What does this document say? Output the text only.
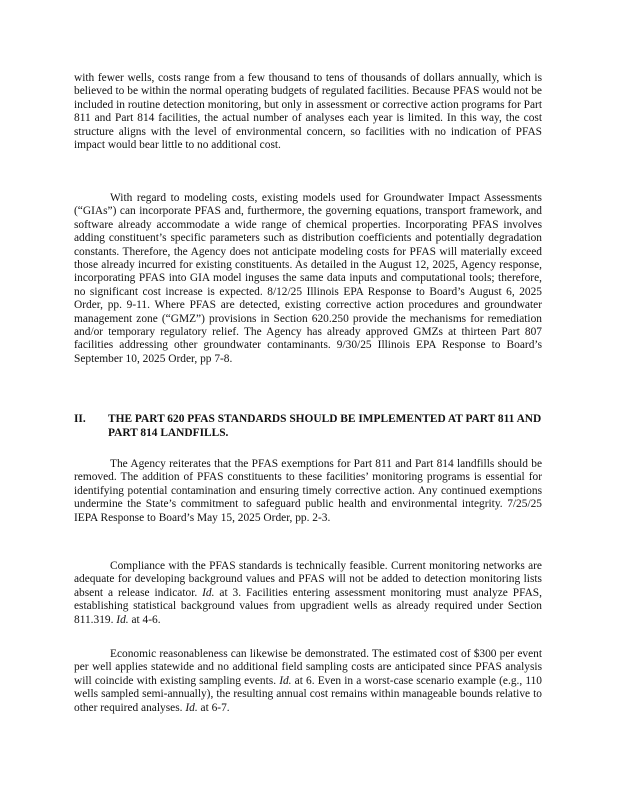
with fewer wells, costs range from a few thousand to tens of thousands of dollars annually, which is believed to be within the normal operating budgets of regulated facilities. Because PFAS would not be included in routine detection monitoring, but only in assessment or corrective action programs for Part 811 and Part 814 facilities, the actual number of analyses each year is limited. In this way, the cost structure aligns with the level of environmental concern, so facilities with no indication of PFAS impact would bear little to no additional cost.

With regard to modeling costs, existing models used for Groundwater Impact Assessments (“GIAs”) can incorporate PFAS and, furthermore, the governing equations, transport framework, and software already accommodate a wide range of chemical properties. Incorporating PFAS involves adding constituent’s specific parameters such as distribution coefficients and potentially degradation constants. Therefore, the Agency does not anticipate modeling costs for PFAS will materially exceed those already incurred for existing constituents. As detailed in the August 12, 2025, Agency response, incorporating PFAS into GIA model inguses the same data inputs and computational tools; therefore, no significant cost increase is expected. 8/12/25 Illinois EPA Response to Board’s August 6, 2025 Order, pp. 9-11. Where PFAS are detected, existing corrective action procedures and groundwater management zone (“GMZ”) provisions in Section 620.250 provide the mechanisms for remediation and/or temporary regulatory relief. The Agency has already approved GMZs at thirteen Part 807 facilities addressing other groundwater contaminants. 9/30/25 Illinois EPA Response to Board’s September 10, 2025 Order, pp 7-8.

II. THE PART 620 PFAS STANDARDS SHOULD BE IMPLEMENTED AT PART 811 AND PART 814 LANDFILLS.

The Agency reiterates that the PFAS exemptions for Part 811 and Part 814 landfills should be removed. The addition of PFAS constituents to these facilities’ monitoring programs is essential for identifying potential contamination and ensuring timely corrective action. Any continued exemptions undermine the State’s commitment to safeguard public health and environmental integrity. 7/25/25 IEPA Response to Board’s May 15, 2025 Order, pp. 2-3.

Compliance with the PFAS standards is technically feasible. Current monitoring networks are adequate for developing background values and PFAS will not be added to detection monitoring lists absent a release indicator. Id. at 3. Facilities entering assessment monitoring must analyze PFAS, establishing statistical background values from upgradient wells as already required under Section 811.319. Id. at 4-6.

Economic reasonableness can likewise be demonstrated. The estimated cost of $300 per event per well applies statewide and no additional field sampling costs are anticipated since PFAS analysis will coincide with existing sampling events. Id. at 6. Even in a worst-case scenario example (e.g., 110 wells sampled semi-annually), the resulting annual cost remains within manageable bounds relative to other required analyses. Id. at 6-7.
